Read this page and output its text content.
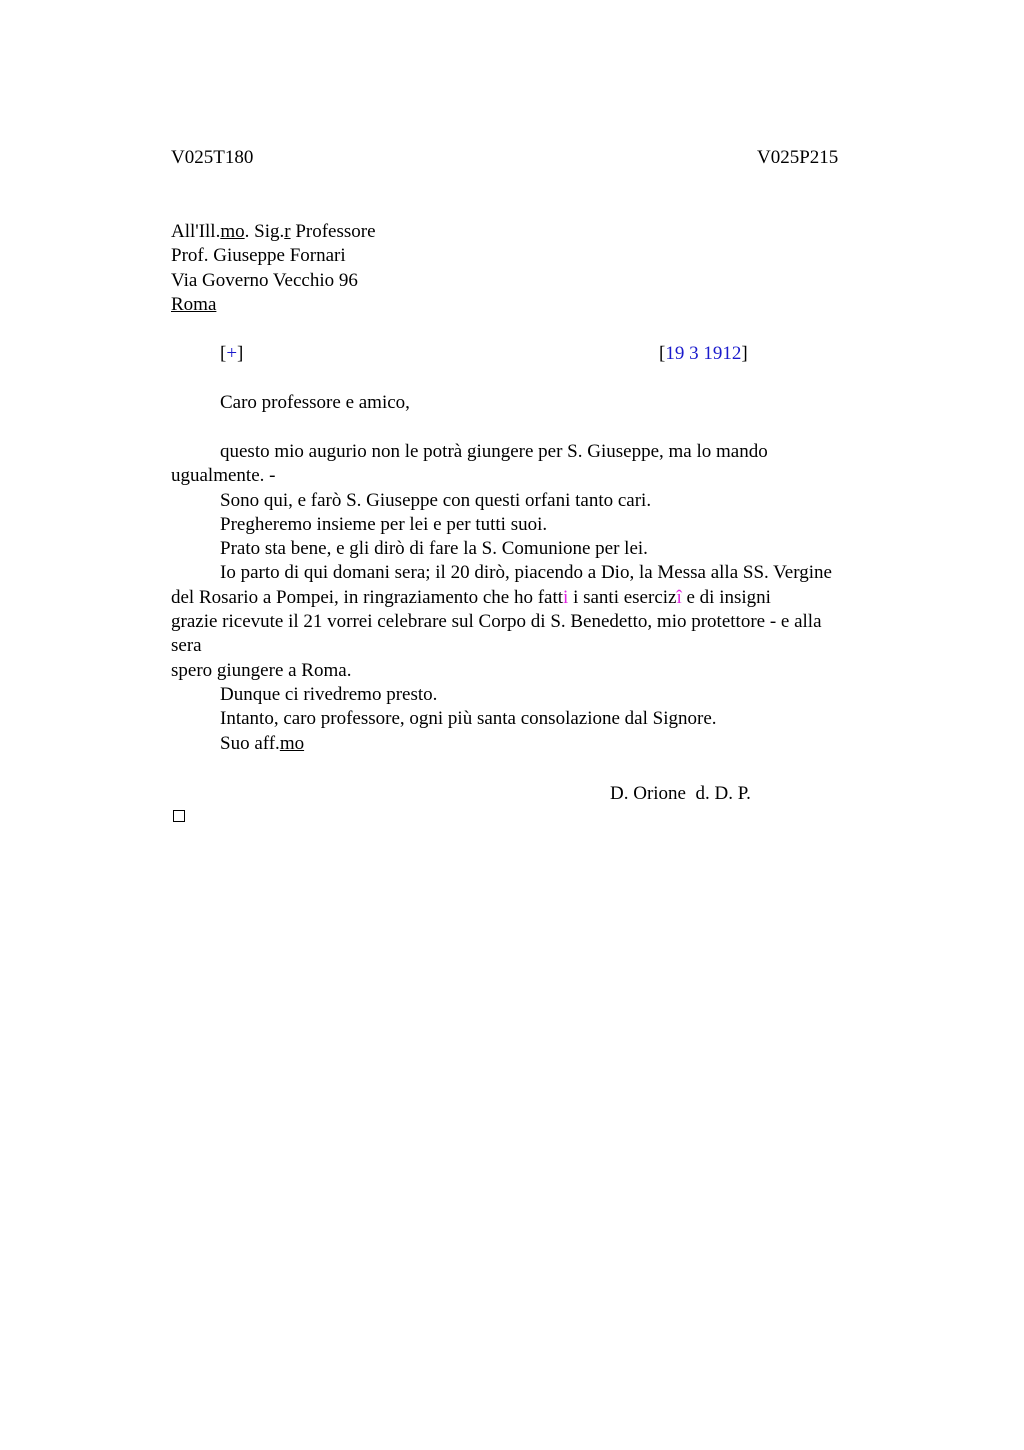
V025T180	V025P215
All'Ill.mo. Sig.r Professore
Prof. Giuseppe Fornari
Via Governo Vecchio 96
Roma
[+]	[19 3 1912]
Caro professore e amico,

questo mio augurio non le potrà giungere per S. Giuseppe, ma lo mando

ugualmente. -

Sono qui, e farò S. Giuseppe con questi orfani tanto cari.

Pregheremo insieme per lei e per tutti suoi.

Prato sta bene, e gli dirò di fare la S. Comunione per lei.

Io parto di qui domani sera; il 20 dirò, piacendo a Dio, la Messa alla SS. Vergine

del Rosario a Pompei, in ringraziamento che ho fatti i santi esercizî e di insigni

grazie ricevute il 21 vorrei celebrare sul Corpo di S. Benedetto, mio protettore - e alla

sera

spero giungere a Roma.

Dunque ci rivedremo presto.

Intanto, caro professore, ogni più santa consolazione dal Signore.

Suo aff.mo

D. Orione  d. D. P.
